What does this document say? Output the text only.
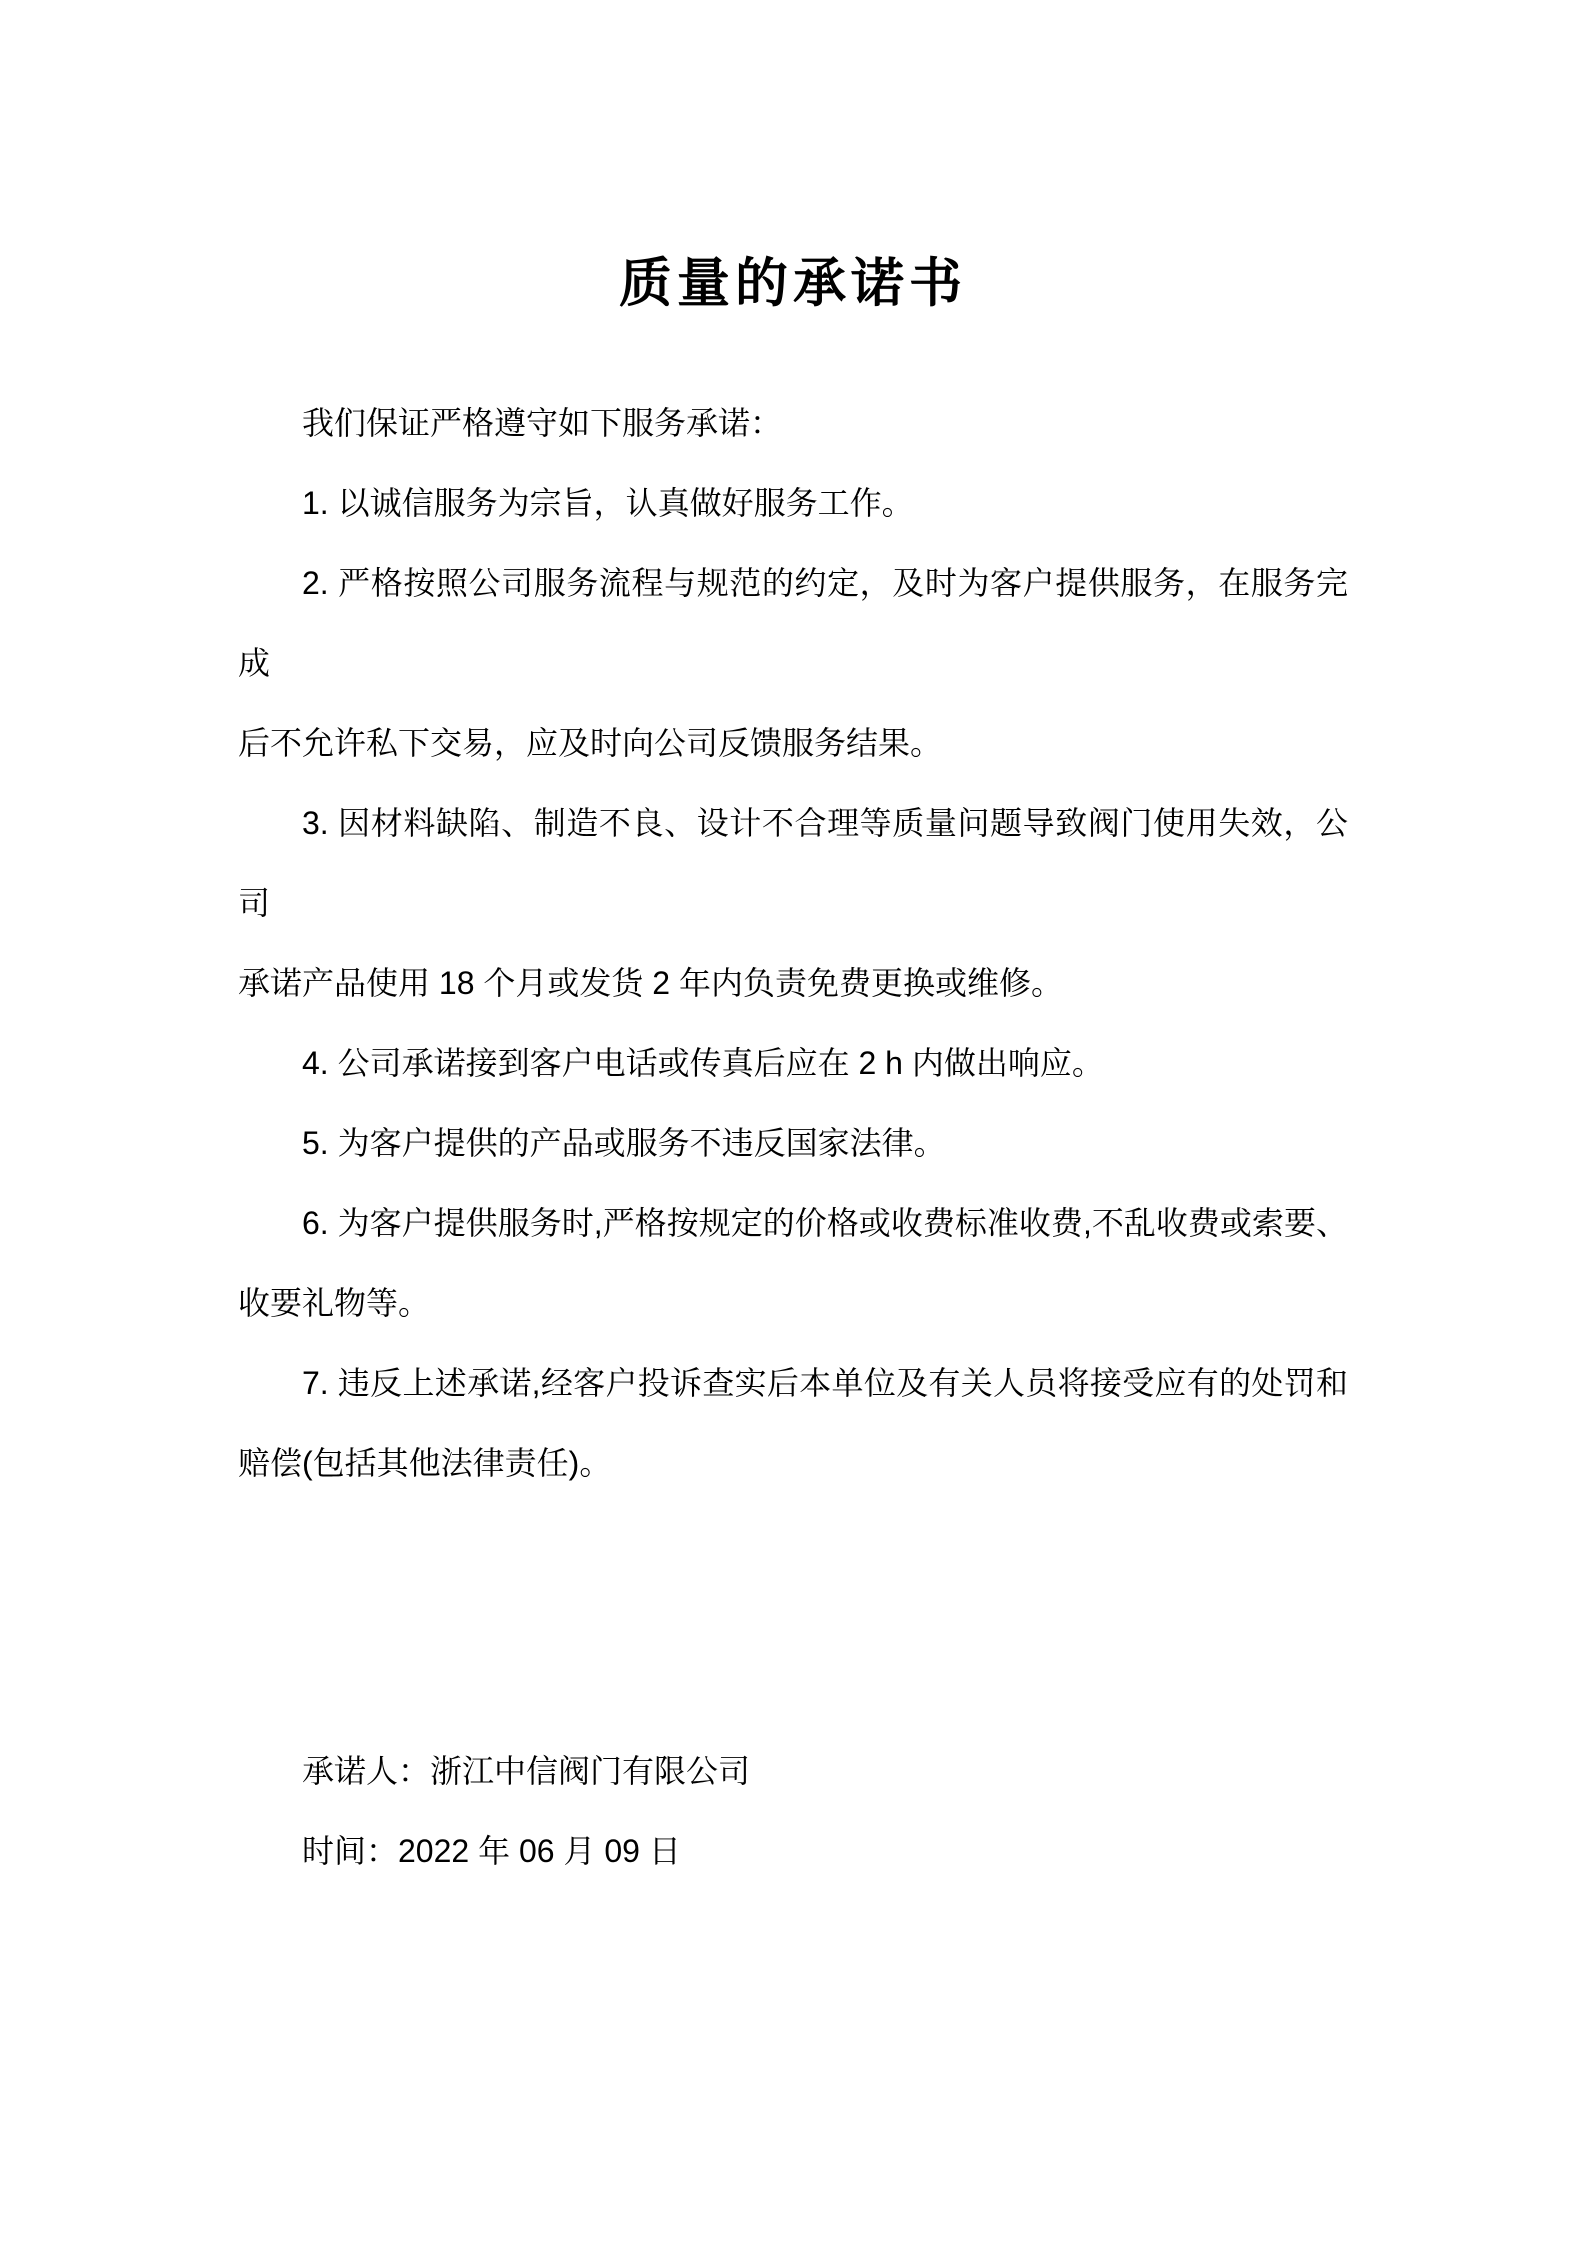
质量的承诺书

我们保证严格遵守如下服务承诺：

1. 以诚信服务为宗旨，认真做好服务工作。

2. 严格按照公司服务流程与规范的约定，及时为客户提供服务，在服务完成

后不允许私下交易，应及时向公司反馈服务结果。

3. 因材料缺陷、制造不良、设计不合理等质量问题导致阀门使用失效，公司

承诺产品使用 18 个月或发货 2 年内负责免费更换或维修。

4. 公司承诺接到客户电话或传真后应在 2 h 内做出响应。

5. 为客户提供的产品或服务不违反国家法律。

6. 为客户提供服务时,严格按规定的价格或收费标准收费,不乱收费或索要、

收要礼物等。

7. 违反上述承诺,经客户投诉查实后本单位及有关人员将接受应有的处罚和

赔偿(包括其他法律责任)。

承诺人：浙江中信阀门有限公司

时间：2022 年 06 月 09 日
